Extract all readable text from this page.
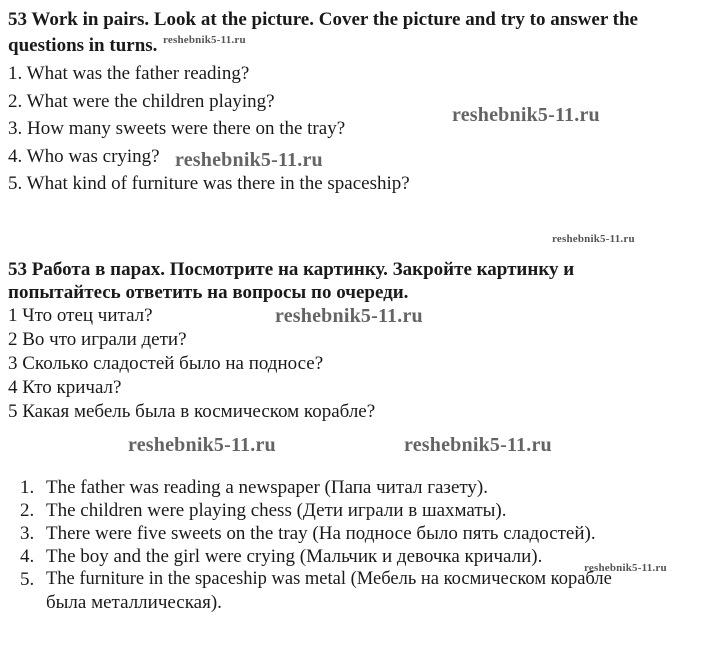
53 Work in pairs. Look at the picture. Cover the picture and try to answer the
questions in turns.
1. What was the father reading?
2. What were the children playing?
3. How many sweets were there on the tray?
4. Who was crying?
5. What kind of furniture was there in the spaceship?
53 Работа в парах. Посмотрите на картинку. Закройте картинку и
попытайтесь ответить на вопросы по очереди.
1 Что отец читал?
2 Во что играли дети?
3 Сколько сладостей было на подносе?
4 Кто кричал?
5 Какая мебель была в космическом корабле?
1. The father was reading a newspaper (Папа читал газету).
2. The children were playing chess (Дети играли в шахматы).
3. There were five sweets on the tray (На подносе было пять сладостей).
4. The boy and the girl were crying (Мальчик и девочка кричали).
5. The furniture in the spaceship was metal (Мебель на космическом корабле
была металлическая).
reshebnik5-11.ru
reshebnik5-11.ru
reshebnik5-11.ru
reshebnik5-11.ru
reshebnik5-11.ru
reshebnik5-11.ru	reshebnik5-11.ru
reshebnik5-11.ru
